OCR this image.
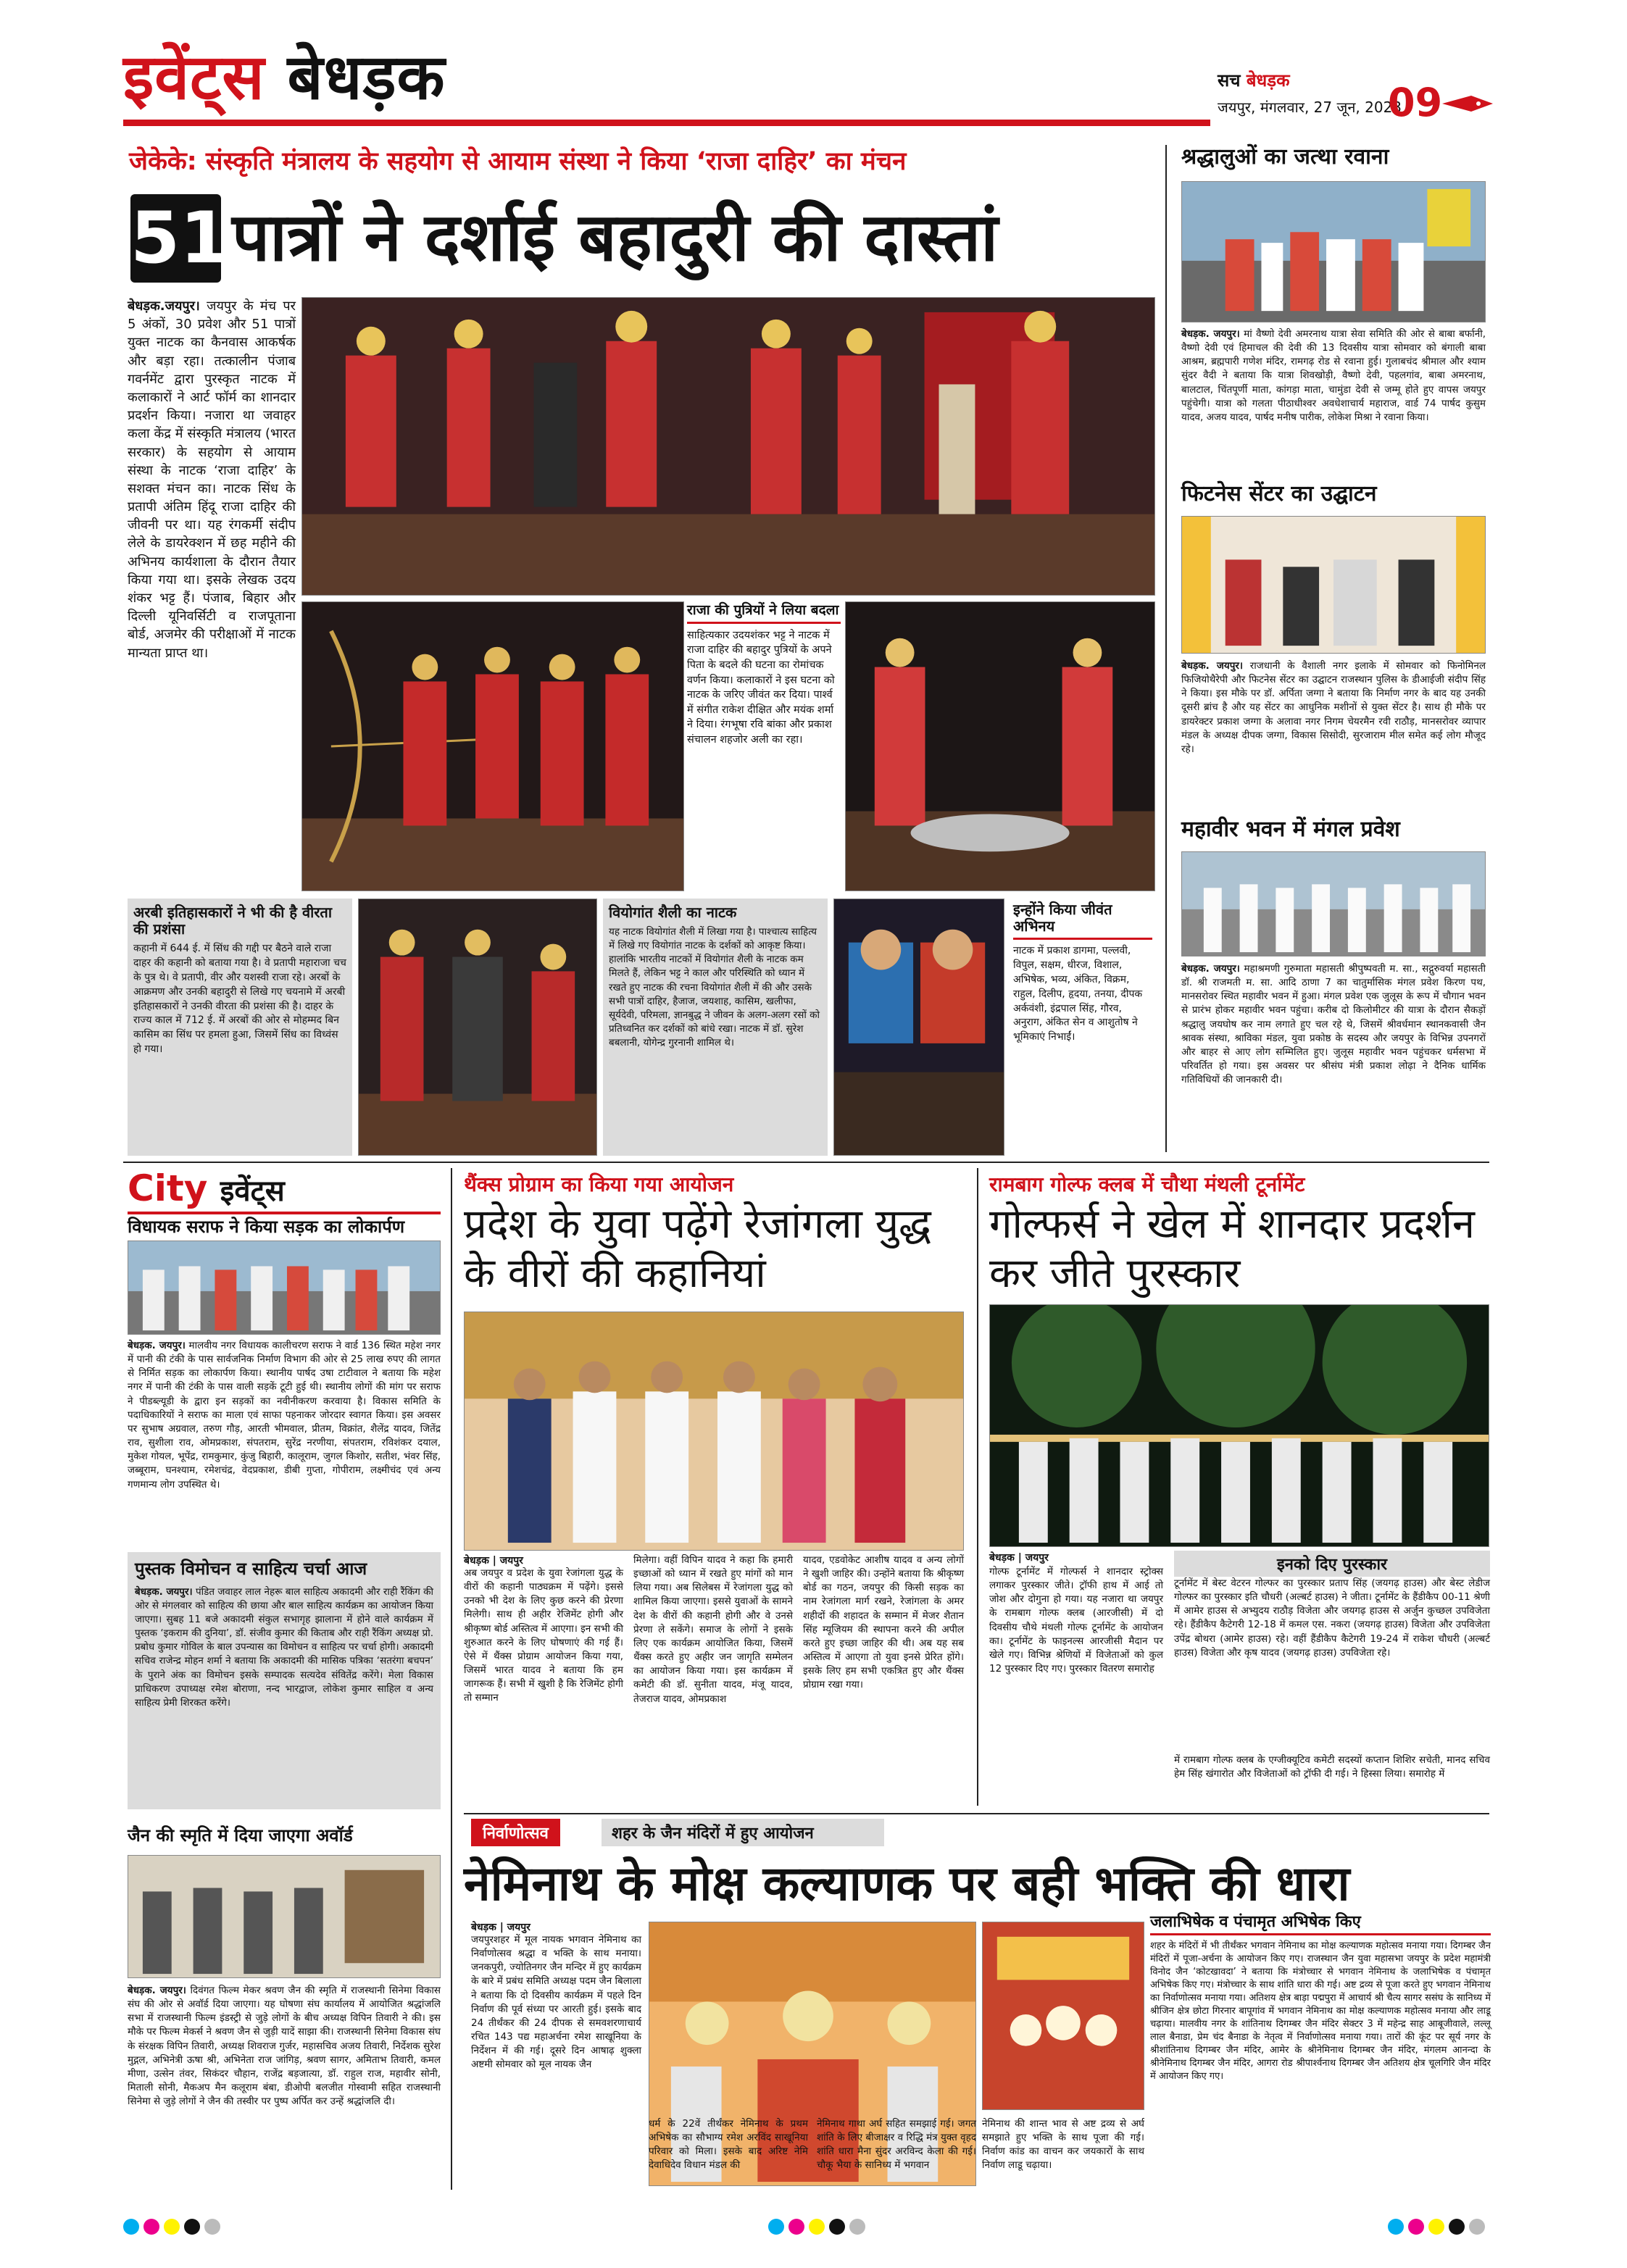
इवेंट्स बेधड़क	सच बेधड़क
जयपुर, मंगलवार, 27 जून, 2023
09
जेकेके: संस्कृति मंत्रालय के सहयोग से आयाम संस्था ने किया ‘राजा दाहिर’ का मंचन
51 पात्रों ने दर्शाई बहादुरी की दास्तां
बेधड़क.जयपुर। जयपुर के मंच पर 5 अंकों, 30 प्रवेश और 51 पात्रों युक्त नाटक का कैनवास आकर्षक और बड़ा रहा। तत्कालीन पंजाब गवर्नमेंट द्वारा पुरस्कृत नाटक में कलाकारों ने आर्ट फॉर्म का शानदार प्रदर्शन किया। नजारा था जवाहर कला केंद्र में संस्कृति मंत्रालय (भारत सरकार) के सहयोग से आयाम संस्था के नाटक ‘राजा दाहिर’ के सशक्त मंचन का। नाटक सिंध के प्रतापी अंतिम हिंदू राजा दाहिर की जीवनी पर था। यह रंगकर्मी संदीप लेले के डायरेक्शन में छह महीने की अभिनय कार्यशाला के दौरान तैयार किया गया था। इसके लेखक उदय शंकर भट्ट हैं। पंजाब, बिहार और दिल्ली यूनिवर्सिटी व राजपूताना बोर्ड, अजमेर की परीक्षाओं में नाटक मान्यता प्राप्त था।
राजा की पुत्रियों ने लिया बदला
साहित्यकार उदयशंकर भट्ट ने नाटक में राजा दाहिर की बहादुर पुत्रियों के अपने पिता के बदले की घटना का रोमांचक वर्णन किया। कलाकारों ने इस घटना को नाटक के जरिए जीवंत कर दिया। पार्श्व में संगीत राकेश दीक्षित और मयंक शर्मा ने दिया। रंगभूषा रवि बांका और प्रकाश संचालन शहजोर अली का रहा।
अरबी इतिहासकारों ने भी की है वीरता की प्रशंसा
कहानी में 644 ई. में सिंध की गद्दी पर बैठने वाले राजा दाहर की कहानी को बताया गया है। वे प्रतापी महाराजा चच के पुत्र थे। वे प्रतापी, वीर और यशस्वी राजा रहे। अरबों के आक्रमण और उनकी बहादुरी से लिखे गए चयनामे में अरबी इतिहासकारों ने उनकी वीरता की प्रशंसा की है। दाहर के राज्य काल में 712 ई. में अरबों की ओर से मोहम्मद बिन कासिम का सिंध पर हमला हुआ, जिसमें सिंध का विध्वंस हो गया।
वियोगांत शैली का नाटक
यह नाटक वियोगांत शैली में लिखा गया है। पाश्चात्य साहित्य में लिखे गए वियोगांत नाटक के दर्शकों को आकृष्ट किया। हालांकि भारतीय नाटकों में वियोगांत शैली के नाटक कम मिलते हैं, लेकिन भट्ट ने काल और परिस्थिति को ध्यान में रखते हुए नाटक की रचना वियोगांत शैली में की और उसके सभी पात्रों दाहिर, हैजाज, जयशाह, कासिम, खलीफा, सूर्यदेवी, परिमला, ज्ञानबुद्ध ने जीवन के अलग-अलग रसों को प्रतिध्वनित कर दर्शकों को बांधे रखा। नाटक में डॉ. सुरेश बबलानी, योगेन्द्र गुरनानी शामिल थे।
इन्होंने किया जीवंत अभिनय
नाटक में प्रकाश डागमा, पल्लवी, विपुल, सक्षम, धीरज, विशाल, अभिषेक, भव्य, अंकित, विक्रम, राहुल, दिलीप, हृदया, तनया, दीपक अर्कवंशी, इंद्रपाल सिंह, गौरव, अनुराग, अंकित सेन व आशुतोष ने भूमिकाएं निभाईं।
श्रद्धालुओं का जत्था रवाना
बेधड़क. जयपुर। मां वैष्णो देवी अमरनाथ यात्रा सेवा समिति की ओर से बाबा बर्फानी, वैष्णो देवी एवं हिमाचल की देवी की 13 दिवसीय यात्रा सोमवार को बंगाली बाबा आश्रम, ब्रह्मपारी गणेश मंदिर, रामगढ़ रोड से रवाना हुई। गुलाबचंद श्रीमाल और श्याम सुंदर वैदी ने बताया कि यात्रा शिवखोड़ी, वैष्णो देवी, पहलगांव, बाबा अमरनाथ, बालटाल, चिंतपूर्णी माता, कांगड़ा माता, चामुंडा देवी से जम्मू होते हुए वापस जयपुर पहुंचेगी। यात्रा को गलता पीठाधीश्वर अवधेशाचार्य महाराज, वार्ड 74 पार्षद कुसुम यादव, अजय यादव, पार्षद मनीष पारीक, लोकेश मिश्रा ने रवाना किया।
फिटनेस सेंटर का उद्घाटन
बेधड़क. जयपुर। राजधानी के वैशाली नगर इलाके में सोमवार को फिनोमिनल फिजियोथैरेपी और फिटनेस सेंटर का उद्घाटन राजस्थान पुलिस के डीआईजी संदीप सिंह ने किया। इस मौके पर डॉ. अर्पिता जग्गा ने बताया कि निर्माण नगर के बाद यह उनकी दूसरी ब्रांच है और यह सेंटर का आधुनिक मशीनों से युक्त सेंटर है। साथ ही मौके पर डायरेक्टर प्रकाश जग्गा के अलावा नगर निगम चेयरमैन रवी राठौड़, मानसरोवर व्यापार मंडल के अध्यक्ष दीपक जग्गा, विकास सिसोदी, सुरजाराम मील समेत कई लोग मौजूद रहे।
महावीर भवन में मंगल प्रवेश
बेधड़क. जयपुर। महाश्रमणी गुरुमाता महासती श्रीपुष्पवती म. सा., सद्गुरुवर्या महासती डॉ. श्री राजमती म. सा. आदि ठाणा 7 का चातुर्मासिक मंगल प्रवेश किरण पथ, मानसरोवर स्थित महावीर भवन में हुआ। मंगल प्रवेश एक जुलूस के रूप में चौगान भवन से प्रारंभ होकर महावीर भवन पहुंचा। करीब दो किलोमीटर की यात्रा के दौरान सैकड़ों श्रद्धालु जयघोष कर नाम लगाते हुए चल रहे थे, जिसमें श्रीवर्धमान स्थानकवासी जैन श्रावक संस्था, श्राविका मंडल, युवा प्रकोष्ठ के सदस्य और जयपुर के विभिन्न उपनगरों और बाहर से आए लोग सम्मिलित हुए। जुलूस महावीर भवन पहुंचकर धर्मसभा में परिवर्तित हो गया। इस अवसर पर श्रीसंघ मंत्री प्रकाश लोढ़ा ने दैनिक धार्मिक गतिविधियों की जानकारी दी।
City इवेंट्स
विधायक सराफ ने किया सड़क का लोकार्पण
बेधड़क. जयपुर। मालवीय नगर विधायक कालीचरण सराफ ने वार्ड 136 स्थित महेश नगर में पानी की टंकी के पास सार्वजनिक निर्माण विभाग की ओर से 25 लाख रुपए की लागत से निर्मित सड़क का लोकार्पण किया। स्थानीय पार्षद उषा टाटीवाल ने बताया कि महेश नगर में पानी की टंकी के पास वाली सड़कें टूटी हुई थी। स्थानीय लोगों की मांग पर सराफ ने पीडब्ल्यूडी के द्वारा इन सड़कों का नवीनीकरण करवाया है। विकास समिति के पदाधिकारियों ने सराफ का माला एवं साफा पहनाकर जोरदार स्वागत किया। इस अवसर पर सुभाष अग्रवाल, तरुण गौड़, आरती भीमवाल, प्रीतम, विक्रांत, शैलेंद्र यादव, जितेंद्र राव, सुशीला राव, ओमप्रकाश, संपतराम, सुरेंद्र नरणीया, संपतराम, रविशंकर दयाल, मुकेश गोयल, भूपेंद्र, रामकुमार, कुंजु बिहारी, कालूराम, जुगल किशोर, सतीश, भंवर सिंह, जब्बूराम, घनश्याम, रमेशचंद्र, वेदप्रकाश, डीबी गुप्ता, गोपीराम, लक्ष्मीचंद एवं अन्य गणमान्य लोग उपस्थित थे।
पुस्तक विमोचन व साहित्य चर्चा आज
बेधड़क. जयपुर। पंडित जवाहर लाल नेहरू बाल साहित्य अकादमी और राही रैंकिंग की ओर से मंगलवार को साहित्य की छाया और बाल साहित्य कार्यक्रम का आयोजन किया जाएगा। सुबह 11 बजे अकादमी संकुल सभागृह झालाना में होने वाले कार्यक्रम में पुस्तक ‘इकराम की दुनिया’, डॉ. संजीव कुमार की किताब और राही रैंकिंग अध्यक्ष प्रो. प्रबोध कुमार गोविल के बाल उपन्यास का विमोचन व साहित्य पर चर्चा होगी। अकादमी सचिव राजेन्द्र मोहन शर्मा ने बताया कि अकादमी की मासिक पत्रिका ‘सतरंगा बचपन’ के पुराने अंक का विमोचन इसके सम्पादक सत्यदेव संवितेंद्र करेंगे। मेला विकास प्राधिकरण उपाध्यक्ष रमेश बोराणा, नन्द भारद्वाज, लोकेश कुमार साहिल व अन्य साहित्य प्रेमी शिरकत करेंगे।
जैन की स्मृति में दिया जाएगा अवॉर्ड
बेधड़क. जयपुर। दिवंगत फिल्म मेकर श्रवण जैन की स्मृति में राजस्थानी सिनेमा विकास संघ की ओर से अवॉर्ड दिया जाएगा। यह घोषणा संघ कार्यालय में आयोजित श्रद्धांजलि सभा में राजस्थानी फिल्म इंडस्ट्री से जुड़े लोगों के बीच अध्यक्ष विपिन तिवारी ने की। इस मौके पर फिल्म मेकर्स ने श्रवण जैन से जुड़ी यादें साझा की। राजस्थानी सिनेमा विकास संघ के संरक्षक विपिन तिवारी, अध्यक्ष शिवराज गुर्जर, महासचिव अजय तिवारी, निर्देशक सुरेश मुद्गल, अभिनेत्री ऊषा श्री, अभिनेता राज जांगिड़, श्रवण सागर, अमिताभ तिवारी, कमल मीणा, उत्सेन तंवर, सिकंदर चौहान, राजेंद्र बड़जात्या, डॉ. राहुल राज, महावीर सोनी, मिताली सोनी, मैकअप मैन कलूराम बंबा, डीओपी बलजीत गोस्वामी सहित राजस्थानी सिनेमा से जुड़े लोगों ने जैन की तस्वीर पर पुष्प अर्पित कर उन्हें श्रद्धांजलि दी।
थैंक्स प्रोग्राम का किया गया आयोजन
प्रदेश के युवा पढ़ेंगे रेजांगला युद्ध के वीरों की कहानियां
बेधड़क | जयपुर
अब जयपुर व प्रदेश के युवा रेजांगला युद्ध के वीरों की कहानी पाठ्यक्रम में पढ़ेंगे। इससे उनको भी देश के लिए कुछ करने की प्रेरणा मिलेगी। साथ ही अहीर रेजिमेंट होगी और श्रीकृष्ण बोर्ड अस्तित्व में आएगा। इन सभी की शुरुआत करने के लिए घोषणाएं की गई हैं। ऐसे में थैंक्स प्रोग्राम आयोजन किया गया, जिसमें भारत यादव ने बताया कि हम जागरूक हैं। सभी में खुशी है कि रेजिमेंट होगी तो सम्मान
मिलेगा। वहीं विपिन यादव ने कहा कि हमारी इच्छाओं को ध्यान में रखते हुए मांगों को मान लिया गया। अब सिलेबस में रेजांगला युद्ध को शामिल किया जाएगा। इससे युवाओं के सामने देश के वीरों की कहानी होगी और वे उनसे प्रेरणा ले सकेंगे। समाज के लोगों ने इसके लिए एक कार्यक्रम आयोजित किया, जिसमें थैंक्स करते हुए अहीर जन जागृति सम्मेलन का आयोजन किया गया। इस कार्यक्रम में कमेटी की डॉ. सुनीता यादव, मंजू यादव, तेजराज यादव, ओमप्रकाश
यादव, एडवोकेट आशीष यादव व अन्य लोगों ने खुशी जाहिर की। उन्होंने बताया कि श्रीकृष्ण बोर्ड का गठन, जयपुर की किसी सड़क का नाम रेजांगला मार्ग रखने, रेजांगला के अमर शहीदों की शहादत के सम्मान में मेजर शैतान सिंह म्यूजियम की स्थापना करने की अपील करते हुए इच्छा जाहिर की थी। अब यह सब अस्तित्व में आएगा तो युवा इनसे प्रेरित होंगे। इसके लिए हम सभी एकत्रित हुए और थैंक्स प्रोग्राम रखा गया।
रामबाग गोल्फ क्लब में चौथा मंथली टूर्नामेंट
गोल्फर्स ने खेल में शानदार प्रदर्शन कर जीते पुरस्कार
बेधड़क | जयपुर
गोल्फ टूर्नामेंट में गोल्फर्स ने शानदार स्ट्रोक्स लगाकर पुरस्कार जीते। ट्रॉफी हाथ में आई तो जोश और दोगुना हो गया। यह नजारा था जयपुर के रामबाग गोल्फ क्लब (आरजीसी) में दो दिवसीय चौथे मंथली गोल्फ टूर्नामेंट के आयोजन का। टूर्नामेंट के फाइनल्स आरजीसी मैदान पर खेले गए। विभिन्न श्रेणियों में विजेताओं को कुल 12 पुरस्कार दिए गए। पुरस्कार वितरण समारोह
इनको दिए पुरस्कार
टूर्नामेंट में बेस्ट वेटरन गोल्फर का पुरस्कार प्रताप सिंह (जयगढ़ हाउस) और बेस्ट लेडीज गोल्फर का पुरस्कार इति चौधरी (अल्बर्ट हाउस) ने जीता। टूर्नामेंट के हैंडीकैप 00-11 श्रेणी में आमेर हाउस से अभ्युदय राठौड़ विजेता और जयगढ़ हाउस से अर्जुन कुच्छल उपविजेता रहे। हैंडीकैप कैटेगरी 12-18 में कमल एस. नकरा (जयगढ़ हाउस) विजेता और उपविजेता उपेंद्र बोथरा (आमेर हाउस) रहे। वहीं हैंडीकैप कैटेगरी 19-24 में राकेश चौधरी (अल्बर्ट हाउस) विजेता और कृष यादव (जयगढ़ हाउस) उपविजेता रहे।
में रामबाग गोल्फ क्लब के एग्जीक्यूटिव कमेटी सदस्यों कप्तान शिशिर सचेती, मानद सचिव हेम सिंह खंगारोत और विजेताओं को ट्रॉफी दी गई। ने हिस्सा लिया। समारोह में
निर्वाणोत्सव	शहर के जैन मंदिरों में हुए आयोजन
नेमिनाथ के मोक्ष कल्याणक पर बही भक्ति की धारा
बेधड़क | जयपुर
जयपुरशहर में मूल नायक भगवान नेमिनाथ का निर्वाणोत्सव श्रद्धा व भक्ति के साथ मनाया। जनकपुरी, ज्योतिनगर जैन मन्दिर में हुए कार्यक्रम के बारे में प्रबंध समिति अध्यक्ष पदम जैन बिलाला ने बताया कि दो दिवसीय कार्यक्रम में पहले दिन निर्वाण की पूर्व संध्या पर आरती हुई। इसके बाद 24 तीर्थंकर की 24 दीपक से समवशरणाचार्य रचित 143 पद्य महाअर्चना रमेश साखूनिया के निर्देशन में की गई। दूसरे दिन आषाढ़ शुक्ला अष्टमी सोमवार को मूल नायक जैन
धर्म के 22वें तीर्थंकर नेमिनाथ के प्रथम अभिषेक का सौभाग्य रमेश अरविंद साखूनिया परिवार को मिला। इसके बाद अरिष्ट नेमि देवाधिदेव विधान मंडल की
नेमिनाथ गाथा अर्घ सहित समझाई गई। जगत शांति के लिए बीजाक्षर व रिद्धि मंत्र युक्त वृहद शांति धारा मैना सुंदर अरविन्द केला की गई। चौकू भैया के सानिध्य में भगवान
नेमिनाथ की शान्त भाव से अष्ट द्रव्य से अर्घ समझाते हुए भक्ति के साथ पूजा की गई। निर्वाण कांड का वाचन कर जयकारों के साथ निर्वाण लाडू चढ़ाया।
जलाभिषेक व पंचामृत अभिषेक किए
शहर के मंदिरों में भी तीर्थंकर भगवान नेमिनाथ का मोक्ष कल्याणक महोत्सव मनाया गया। दिगम्बर जैन मंदिरों में पूजा-अर्चना के आयोजन किए गए। राजस्थान जैन युवा महासभा जयपुर के प्रदेश महामंत्री विनोद जैन ‘कोटखावदा’ ने बताया कि मंत्रोच्चार से भगवान नेमिनाथ के जलाभिषेक व पंचामृत अभिषेक किए गए। मंत्रोच्चार के साथ शांति धारा की गई। अष्ट द्रव्य से पूजा करते हुए भगवान नेमिनाथ का निर्वाणोत्सव मनाया गया। अतिशय क्षेत्र बाड़ा पद्मपुरा में आचार्य श्री चैत्य सागर ससंघ के सानिध्य में श्रीजिन क्षेत्र छोटा गिरनार बापूगांव में भगवान नेमिनाथ का मोक्ष कल्याणक महोत्सव मनाया और लाडू चढ़ाया। मालवीय नगर के शांतिनाथ दिगम्बर जैन मंदिर सेक्टर 3 में महेन्द्र साह आबूजीवाले, लल्लू लाल बैनाडा, प्रेम चंद बैनाडा के नेतृत्व में निर्वाणोत्सव मनाया गया। तारों की कूंट पर सूर्य नगर के श्रीशांतिनाथ दिगम्बर जैन मंदिर, आमेर के श्रीनेमिनाथ दिगम्बर जैन मंदिर, मंगलम आनन्दा के श्रीनेमिनाथ दिगम्बर जैन मंदिर, आगरा रोड श्रीपार्श्वनाथ दिगम्बर जैन अतिशय क्षेत्र चूलगिरि जैन मंदिर में आयोजन किए गए।
